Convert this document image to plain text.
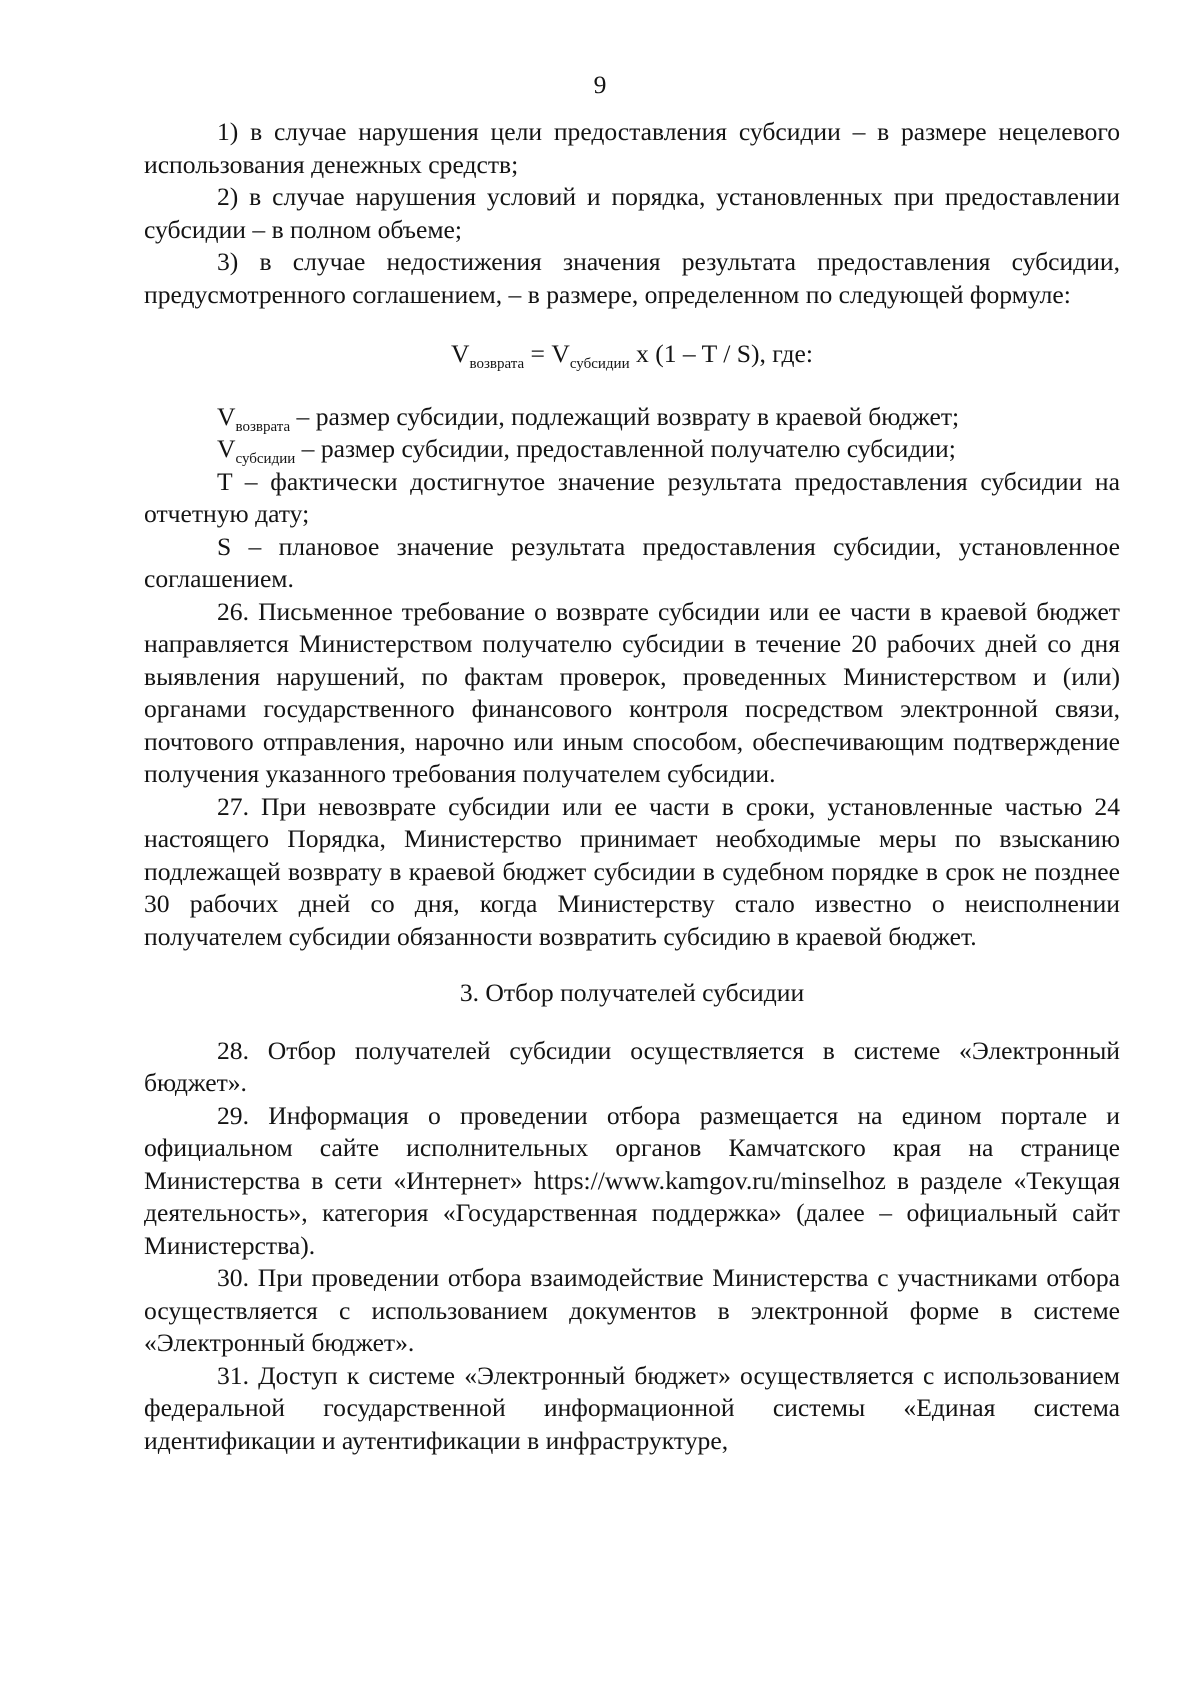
9

1) в случае нарушения цели предоставления субсидии – в размере нецелевого использования денежных средств;

2) в случае нарушения условий и порядка, установленных при предоставлении субсидии – в полном объеме;

3) в случае недостижения значения результата предоставления субсидии, предусмотренного соглашением, – в размере, определенном по следующей формуле:

$V_{возврата} = V_{субсидии}$ x (1 – T / S), где:

$V_{возврата}$ – размер субсидии, подлежащий возврату в краевой бюджет;

$V_{субсидии}$ – размер субсидии, предоставленной получателю субсидии;

T – фактически достигнутое значение результата предоставления субсидии на отчетную дату;

S – плановое значение результата предоставления субсидии, установленное соглашением.

26. Письменное требование о возврате субсидии или ее части в краевой бюджет направляется Министерством получателю субсидии в течение 20 рабочих дней со дня выявления нарушений, по фактам проверок, проведенных Министерством и (или) органами государственного финансового контроля посредством электронной связи, почтового отправления, нарочно или иным способом, обеспечивающим подтверждение получения указанного требования получателем субсидии.

27. При невозврате субсидии или ее части в сроки, установленные частью 24 настоящего Порядка, Министерство принимает необходимые меры по взысканию подлежащей возврату в краевой бюджет субсидии в судебном порядке в срок не позднее 30 рабочих дней со дня, когда Министерству стало известно о неисполнении получателем субсидии обязанности возвратить субсидию в краевой бюджет.

3. Отбор получателей субсидии

28. Отбор получателей субсидии осуществляется в системе «Электронный бюджет».

29. Информация о проведении отбора размещается на едином портале и официальном сайте исполнительных органов Камчатского края на странице Министерства в сети «Интернет» https://www.kamgov.ru/minselhoz в разделе «Текущая деятельность», категория «Государственная поддержка» (далее – официальный сайт Министерства).

30. При проведении отбора взаимодействие Министерства с участниками отбора осуществляется с использованием документов в электронной форме в системе «Электронный бюджет».

31. Доступ к системе «Электронный бюджет» осуществляется с использованием федеральной государственной информационной системы «Единая система идентификации и аутентификации в инфраструктуре,
